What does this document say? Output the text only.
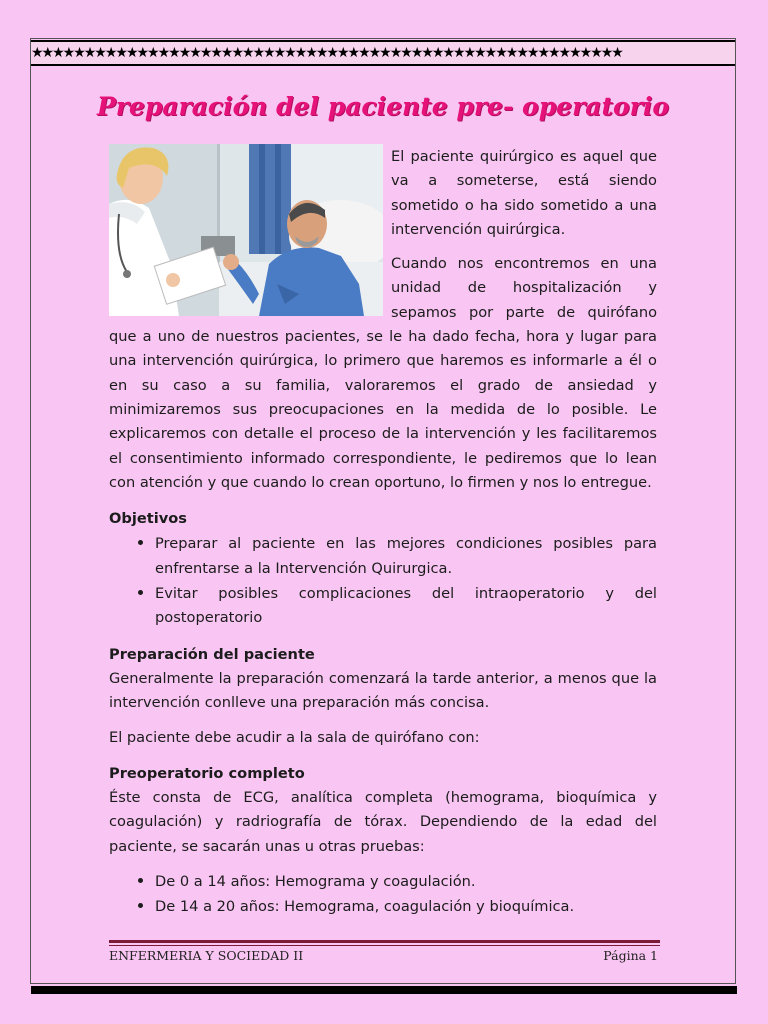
★★★★★★★★★★★★★★★★★★★★★★★★★★★★★★★★★★★★★★★★★★★★★★★★★★★★★★★★
Preparación del paciente pre- operatorio

El paciente quirúrgico es aquel que va a someterse, está siendo sometido o ha sido sometido a una intervención quirúrgica.

Cuando nos encontremos en una unidad de hospitalización y sepamos por parte de quirófano que a uno de nuestros pacientes, se le ha dado fecha, hora y lugar para una intervención quirúrgica, lo primero que haremos es informarle a él o en su caso a su familia, valoraremos el grado de ansiedad y minimizaremos sus preocupaciones en la medida de lo posible. Le explicaremos con detalle el proceso de la intervención y les facilitaremos el consentimiento informado correspondiente, le pediremos que lo lean con atención y que cuando lo crean oportuno, lo firmen y nos lo entregue.

Objetivos
• Preparar al paciente en las mejores condiciones posibles para enfrentarse a la Intervención Quirurgica.
• Evitar posibles complicaciones del intraoperatorio y del postoperatorio
Preparación del paciente

Generalmente la preparación comenzará la tarde anterior, a menos que la intervención conlleve una preparación más concisa.

El paciente debe acudir a la sala de quirófano con:

Preoperatorio completo

Éste consta de ECG, analítica completa (hemograma, bioquímica y coagulación) y radriografía de tórax. Dependiendo de la edad del paciente, se sacarán unas u otras pruebas:

• De 0 a 14 años: Hemograma y coagulación.
• De 14 a 20 años: Hemograma, coagulación y bioquímica.
ENFERMERIA Y SOCIEDAD II	Página 1
